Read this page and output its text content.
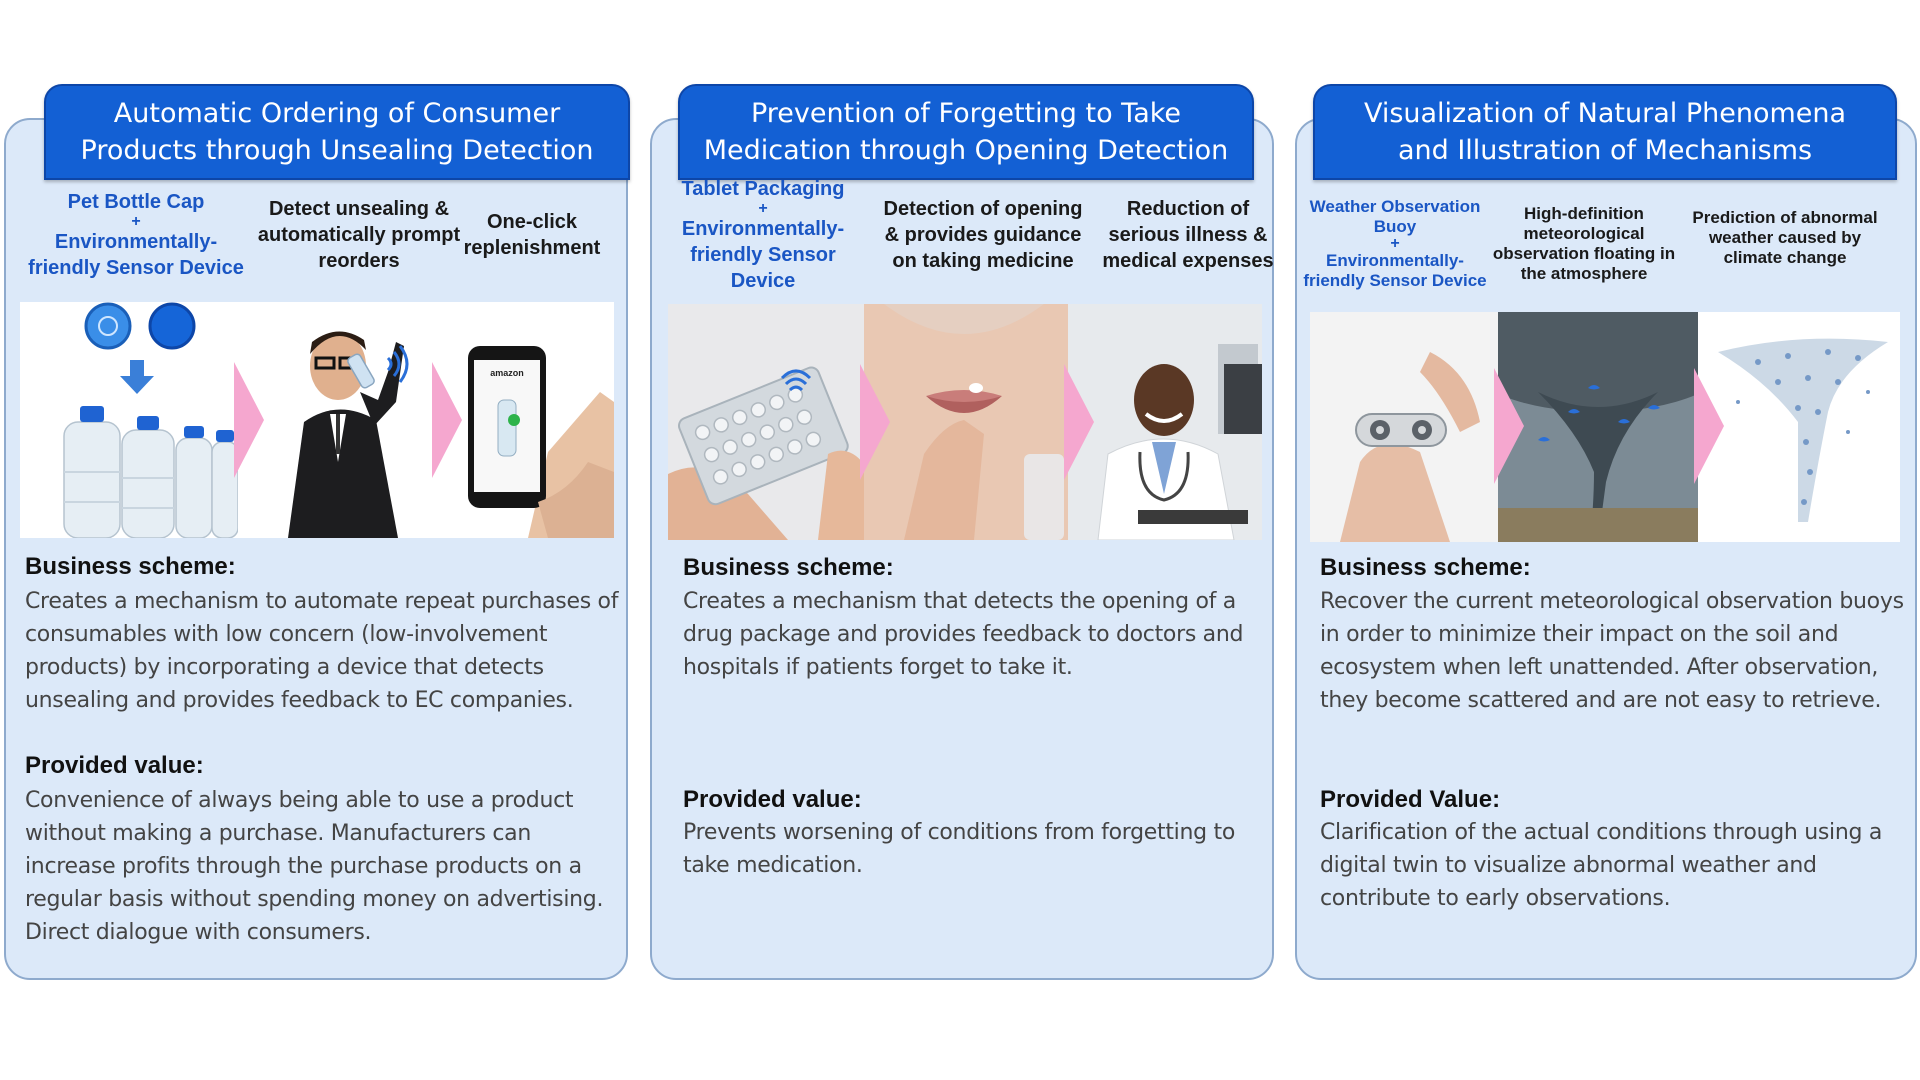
Automatic Ordering of Consumer Products through Unsealing Detection
Pet Bottle Cap
+
Environmentally-friendly Sensor Device
Detect unsealing & automatically prompt reorders
One-click replenishment
amazon
Business scheme:
Creates a mechanism to automate repeat purchases of consumables with low concern (low-involvement products) by incorporating a device that detects unsealing and provides feedback to EC companies.
Provided value:
Convenience of always being able to use a product without making a purchase. Manufacturers can increase profits through the purchase products on a regular basis without spending money on advertising. Direct dialogue with consumers.
Prevention of Forgetting to Take Medication through Opening Detection
Tablet Packaging
+
Environmentally-friendly Sensor Device
Detection of opening & provides guidance on taking medicine
Reduction of serious illness & medical expenses
Business scheme:
Creates a mechanism that detects the opening of a drug package and provides feedback to doctors and hospitals if patients forget to take it.
Provided value:
Prevents worsening of conditions from forgetting to take medication.
Visualization of Natural Phenomena and Illustration of Mechanisms
Weather Observation Buoy
+
Environmentally-friendly Sensor Device
High-definition meteorological observation floating in the atmosphere
Prediction of abnormal weather caused by climate change
Business scheme:
Recover the current meteorological observation buoys in order to minimize their impact on the soil and ecosystem when left unattended. After observation, they become scattered and are not easy to retrieve.
Provided Value:
Clarification of the actual conditions through using a digital twin to visualize abnormal weather and contribute to early observations.
